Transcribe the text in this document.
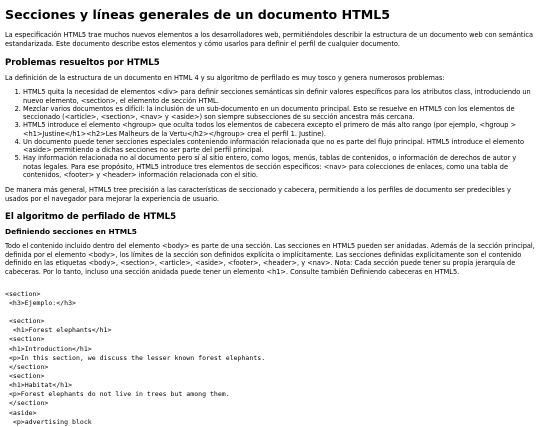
Secciones y líneas generales de un documento HTML5

La especificación HTML5 trae muchos nuevos elementos a los desarrolladores web, permitiéndoles describir la estructura de un documento web con semántica estandarizada. Este documento describe estos elementos y cómo usarlos para definir el perfil de cualquier documento.

Problemas resueltos por HTML5

La definición de la estructura de un documento en HTML 4 y su algoritmo de perfilado es muy tosco y genera numerosos problemas:

1. HTML5 quita la necesidad de elementos <div> para definir secciones semánticas sin definir valores específicos para los atributos class, introduciendo un nuevo elemento, <section>, el elemento de sección HTML.
2. Mezclar varios documentos es difícil: la inclusión de un sub-documento en un documento principal. Esto se resuelve en HTML5 con los elementos de seccionado (<article>, <section>, <nav> y <aside>) son siempre subsecciones de su sección ancestra más cercana.
3. HTML5 introduce el elemento <hgroup> que oculta todos los elementos de cabecera excepto el primero de más alto rango (por ejemplo, <hgroup > <h1>Justine</h1><h2>Les Malheurs de la Vertu</h2></hgroup> crea el perfil 1. Justine).
4. Un documento puede tener secciones especiales conteniendo información relacionada que no es parte del flujo principal. HTML5 introduce el elemento <aside> permitiendo a dichas secciones no ser parte del perfil principal.
5. Hay información relacionada no al documento pero sí al sitio entero, como logos, menús, tablas de contenidos, o información de derechos de autor y notas legales. Para ese propósito, HTML5 introduce tres elementos de sección específicos: <nav> para colecciones de enlaces, como una tabla de contenidos, <footer> y <header> información relacionada con el sitio.

De manera más general, HTML5 tree precisión a las características de seccionado y cabecera, permitiendo a los perfiles de documento ser predecibles y usados por el navegador para mejorar la experiencia de usuario.

El algoritmo de perfilado de HTML5
Definiendo secciones en HTML5

Todo el contenido incluido dentro del elemento <body> es parte de una sección. Las secciones en HTML5 pueden ser anidadas. Además de la sección principal, definida por el elemento <body>, los límites de la sección son definidos explícita o implícitamente. Las secciones definidas explícitamente son el contenido definido en las etiquetas <body>, <section>, <article>, <aside>, <footer>, <header>, y <nav>. Nota: Cada sección puede tener su propia jerarquía de cabeceras. Por lo tanto, incluso una sección anidada puede tener un elemento <h1>. Consulte también Definiendo cabeceras en HTML5.

<section>
<h3>Ejemplo:</h3>

<section>
<h1>Forest elephants</h1>
<section>
<h1>Introduction</h1>
<p>In this section, we discuss the lesser known forest elephants.
</section>
<section>
<h1>Habitat</h1>
<p>Forest elephants do not live in trees but among them.
</section>
<aside>
<p>advertising block
